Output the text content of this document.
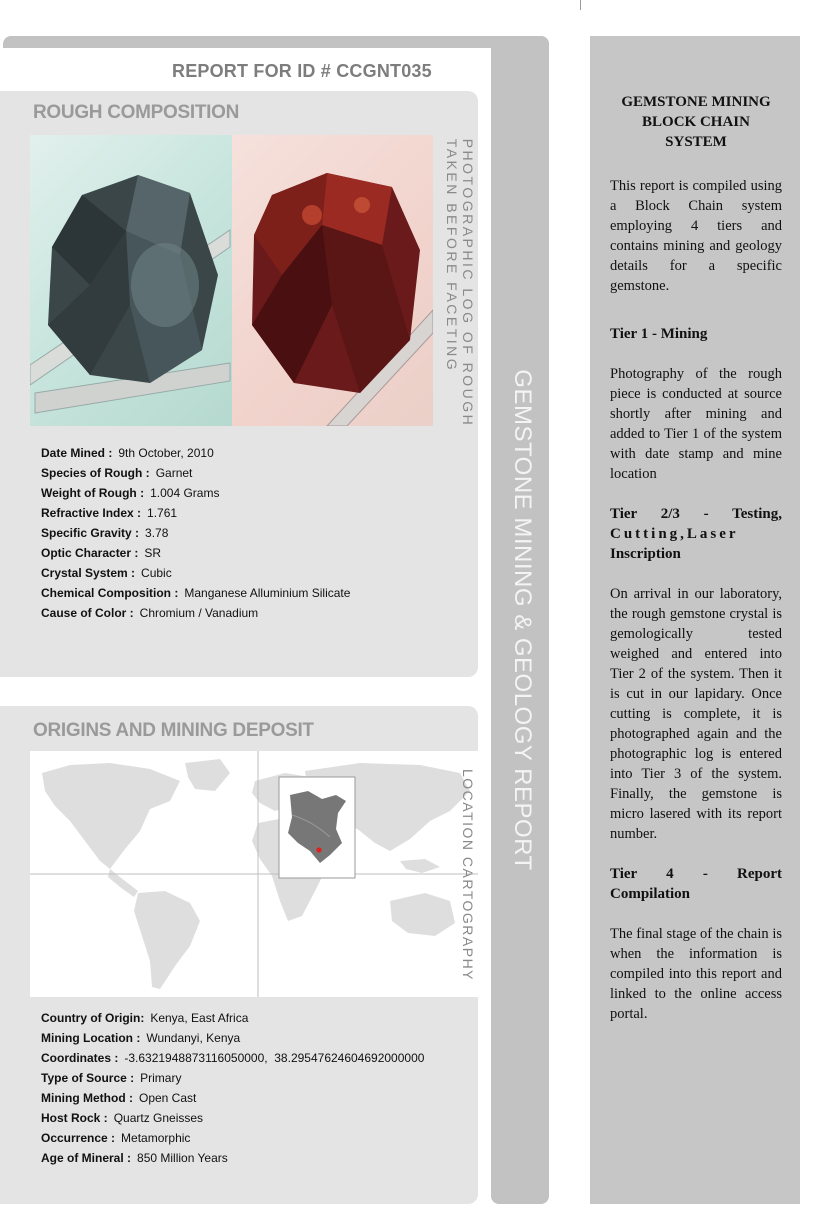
GEMSTONE MINING & GEOLOGY REPORT
REPORT FOR ID # CCGNT035
ROUGH COMPOSITION
PHOTOGRAPHIC LOG OF ROUGH
TAKEN BEFORE FACETING
Date Mined : 9th October, 2010
Species of Rough : Garnet
Weight of Rough : 1.004 Grams
Refractive Index : 1.761
Specific Gravity : 3.78
Optic Character : SR
Crystal System : Cubic
Chemical Composition : Manganese Alluminium Silicate
Cause of Color : Chromium / Vanadium
ORIGINS AND MINING DEPOSIT
LOCATION CARTOGRAPHY
Country of Origin: Kenya, East Africa
Mining Location : Wundanyi, Kenya
Coordinates : -3.6321948873116050000,  38.29547624604692000000
Type of Source : Primary
Mining Method : Open Cast
Host Rock : Quartz Gneisses
Occurrence : Metamorphic
Age of Mineral : 850 Million Years
GEMSTONE MINING BLOCK CHAIN SYSTEM

This report is compiled using a Block Chain system employing 4 tiers and contains mining and geology details for a specific gemstone.

Tier 1 - Mining

Photography of the rough piece is conducted at source shortly after mining and added to Tier 1 of the system with date stamp and mine location

Tier 2/3 - Testing,
Cutting,Laser
Inscription

On arrival in our laboratory, the rough gemstone crystal is gemologically tested weighed and entered into Tier 2 of the system. Then it is cut in our lapidary. Once cutting is complete, it is photographed again and the photographic log is entered into Tier 3 of the system. Finally, the gemstone is micro lasered with its report number.

Tier 4 - Report Compilation

The final stage of the chain is when the information is compiled into this report and linked to the online access portal.
